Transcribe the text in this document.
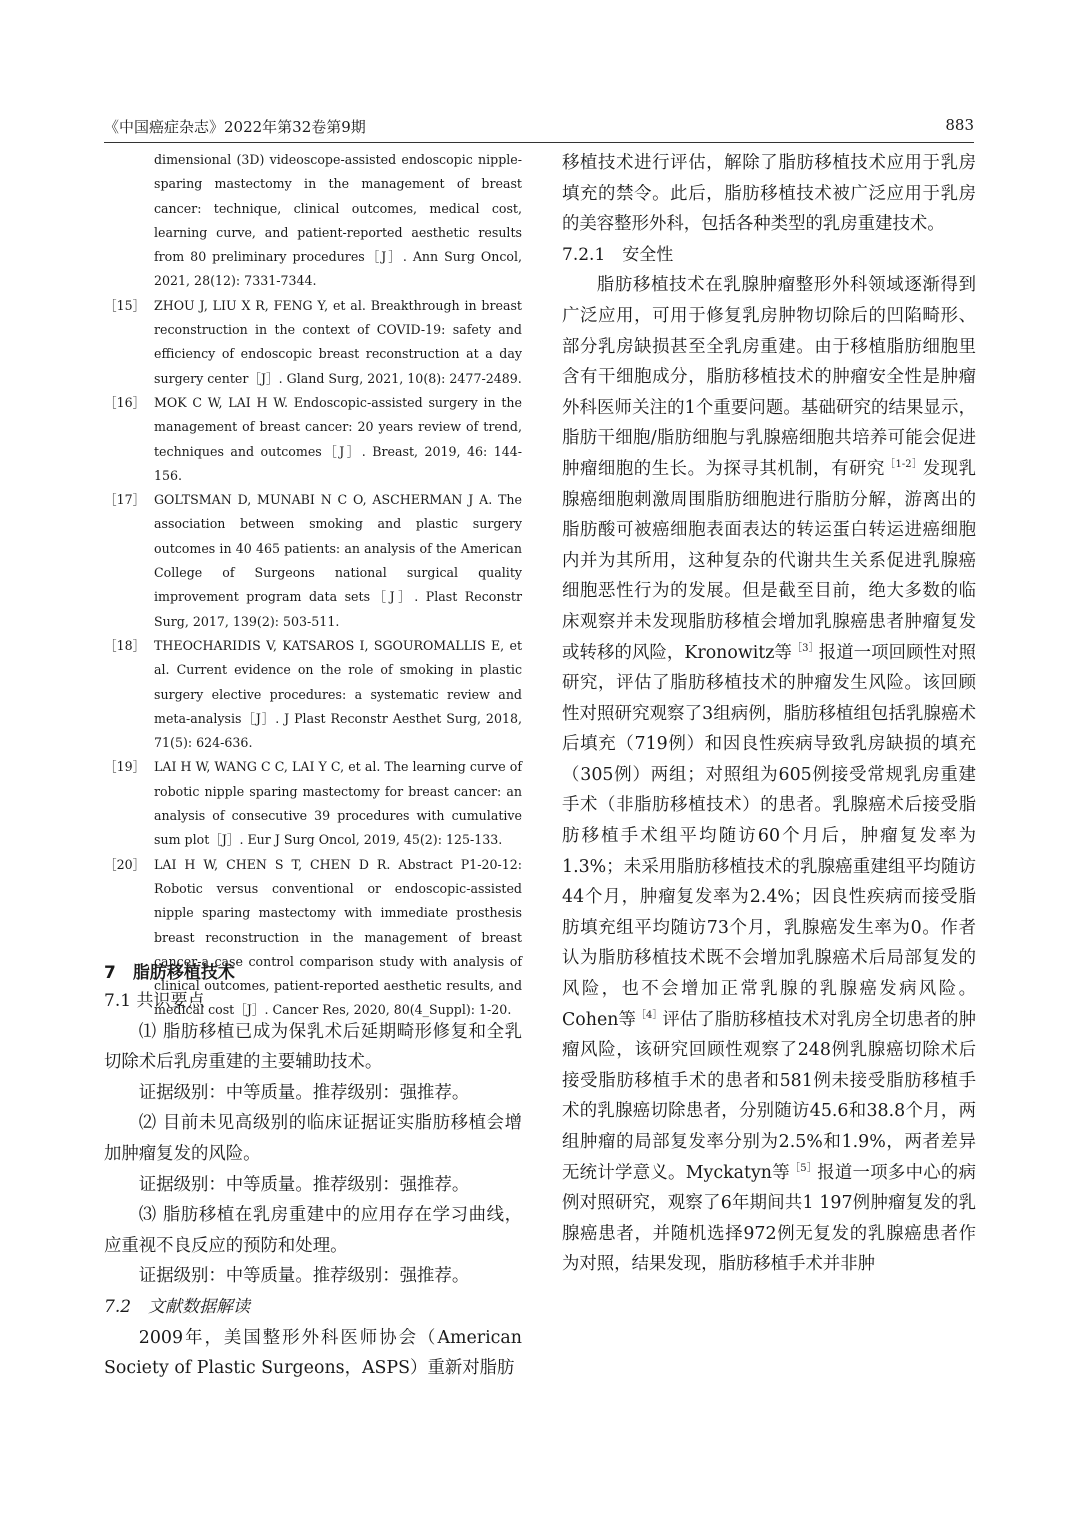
《中国癌症杂志》2022年第32卷第9期	883
dimensional (3D) videoscope-assisted endoscopic nipple-sparing mastectomy in the management of breast cancer: technique, clinical outcomes, medical cost, learning curve, and patient-reported aesthetic results from 80 preliminary procedures［J］. Ann Surg Oncol, 2021, 28(12): 7331-7344.
［15］ ZHOU J, LIU X R, FENG Y, et al. Breakthrough in breast reconstruction in the context of COVID-19: safety and efficiency of endoscopic breast reconstruction at a day surgery center［J］. Gland Surg, 2021, 10(8): 2477-2489.
［16］ MOK C W, LAI H W. Endoscopic-assisted surgery in the management of breast cancer: 20 years review of trend, techniques and outcomes［J］. Breast, 2019, 46: 144-156.
［17］ GOLTSMAN D, MUNABI N C O, ASCHERMAN J A. The association between smoking and plastic surgery outcomes in 40 465 patients: an analysis of the American College of Surgeons national surgical quality improvement program data sets［J］. Plast Reconstr Surg, 2017, 139(2): 503-511.
［18］ THEOCHARIDIS V, KATSAROS I, SGOUROMALLIS E, et al. Current evidence on the role of smoking in plastic surgery elective procedures: a systematic review and meta-analysis［J］. J Plast Reconstr Aesthet Surg, 2018, 71(5): 624-636.
［19］ LAI H W, WANG C C, LAI Y C, et al. The learning curve of robotic nipple sparing mastectomy for breast cancer: an analysis of consecutive 39 procedures with cumulative sum plot［J］. Eur J Surg Oncol, 2019, 45(2): 125-133.
［20］ LAI H W, CHEN S T, CHEN D R. Abstract P1-20-12: Robotic versus conventional or endoscopic-assisted nipple sparing mastectomy with immediate prosthesis breast reconstruction in the management of breast cancer-a case control comparison study with analysis of clinical outcomes, patient-reported aesthetic results, and medical cost［J］. Cancer Res, 2020, 80(4_Suppl): 1-20.
7　脂肪移植技术

7.1 共识要点

⑴ 脂肪移植已成为保乳术后延期畸形修复和全乳切除术后乳房重建的主要辅助技术。

证据级别：中等质量。推荐级别：强推荐。

⑵ 目前未见高级别的临床证据证实脂肪移植会增加肿瘤复发的风险。

证据级别：中等质量。推荐级别：强推荐。

⑶ 脂肪移植在乳房重建中的应用存在学习曲线，应重视不良反应的预防和处理。

证据级别：中等质量。推荐级别：强推荐。

7.2　文献数据解读

2009年，美国整形外科医师协会（American Society of Plastic Surgeons，ASPS）重新对脂肪

移植技术进行评估，解除了脂肪移植技术应用于乳房填充的禁令。此后，脂肪移植技术被广泛应用于乳房的美容整形外科，包括各种类型的乳房重建技术。

7.2.1　安全性

脂肪移植技术在乳腺肿瘤整形外科领域逐渐得到广泛应用，可用于修复乳房肿物切除后的凹陷畸形、部分乳房缺损甚至全乳房重建。由于移植脂肪细胞里含有干细胞成分，脂肪移植技术的肿瘤安全性是肿瘤外科医师关注的1个重要问题。基础研究的结果显示，脂肪干细胞/脂肪细胞与乳腺癌细胞共培养可能会促进肿瘤细胞的生长。为探寻其机制，有研究$^{[1-2]}$发现乳腺癌细胞刺激周围脂肪细胞进行脂肪分解，游离出的脂肪酸可被癌细胞表面表达的转运蛋白转运进癌细胞内并为其所用，这种复杂的代谢共生关系促进乳腺癌细胞恶性行为的发展。但是截至目前，绝大多数的临床观察并未发现脂肪移植会增加乳腺癌患者肿瘤复发或转移的风险，Kronowitz等$^{[3]}$报道一项回顾性对照研究，评估了脂肪移植技术的肿瘤发生风险。该回顾性对照研究观察了3组病例，脂肪移植组包括乳腺癌术后填充（719例）和因良性疾病导致乳房缺损的填充（305例）两组；对照组为605例接受常规乳房重建手术（非脂肪移植技术）的患者。乳腺癌术后接受脂肪移植手术组平均随访60个月后，肿瘤复发率为1.3%；未采用脂肪移植技术的乳腺癌重建组平均随访44个月，肿瘤复发率为2.4%；因良性疾病而接受脂肪填充组平均随访73个月，乳腺癌发生率为0。作者认为脂肪移植技术既不会增加乳腺癌术后局部复发的风险，也不会增加正常乳腺的乳腺癌发病风险。Cohen等$^{[4]}$评估了脂肪移植技术对乳房全切患者的肿瘤风险，该研究回顾性观察了248例乳腺癌切除术后接受脂肪移植手术的患者和581例未接受脂肪移植手术的乳腺癌切除患者，分别随访45.6和38.8个月，两组肿瘤的局部复发率分别为2.5%和1.9%，两者差异无统计学意义。Myckatyn等$^{[5]}$报道一项多中心的病例对照研究，观察了6年期间共1 197例肿瘤复发的乳腺癌患者，并随机选择972例无复发的乳腺癌患者作为对照，结果发现，脂肪移植手术并非肿
